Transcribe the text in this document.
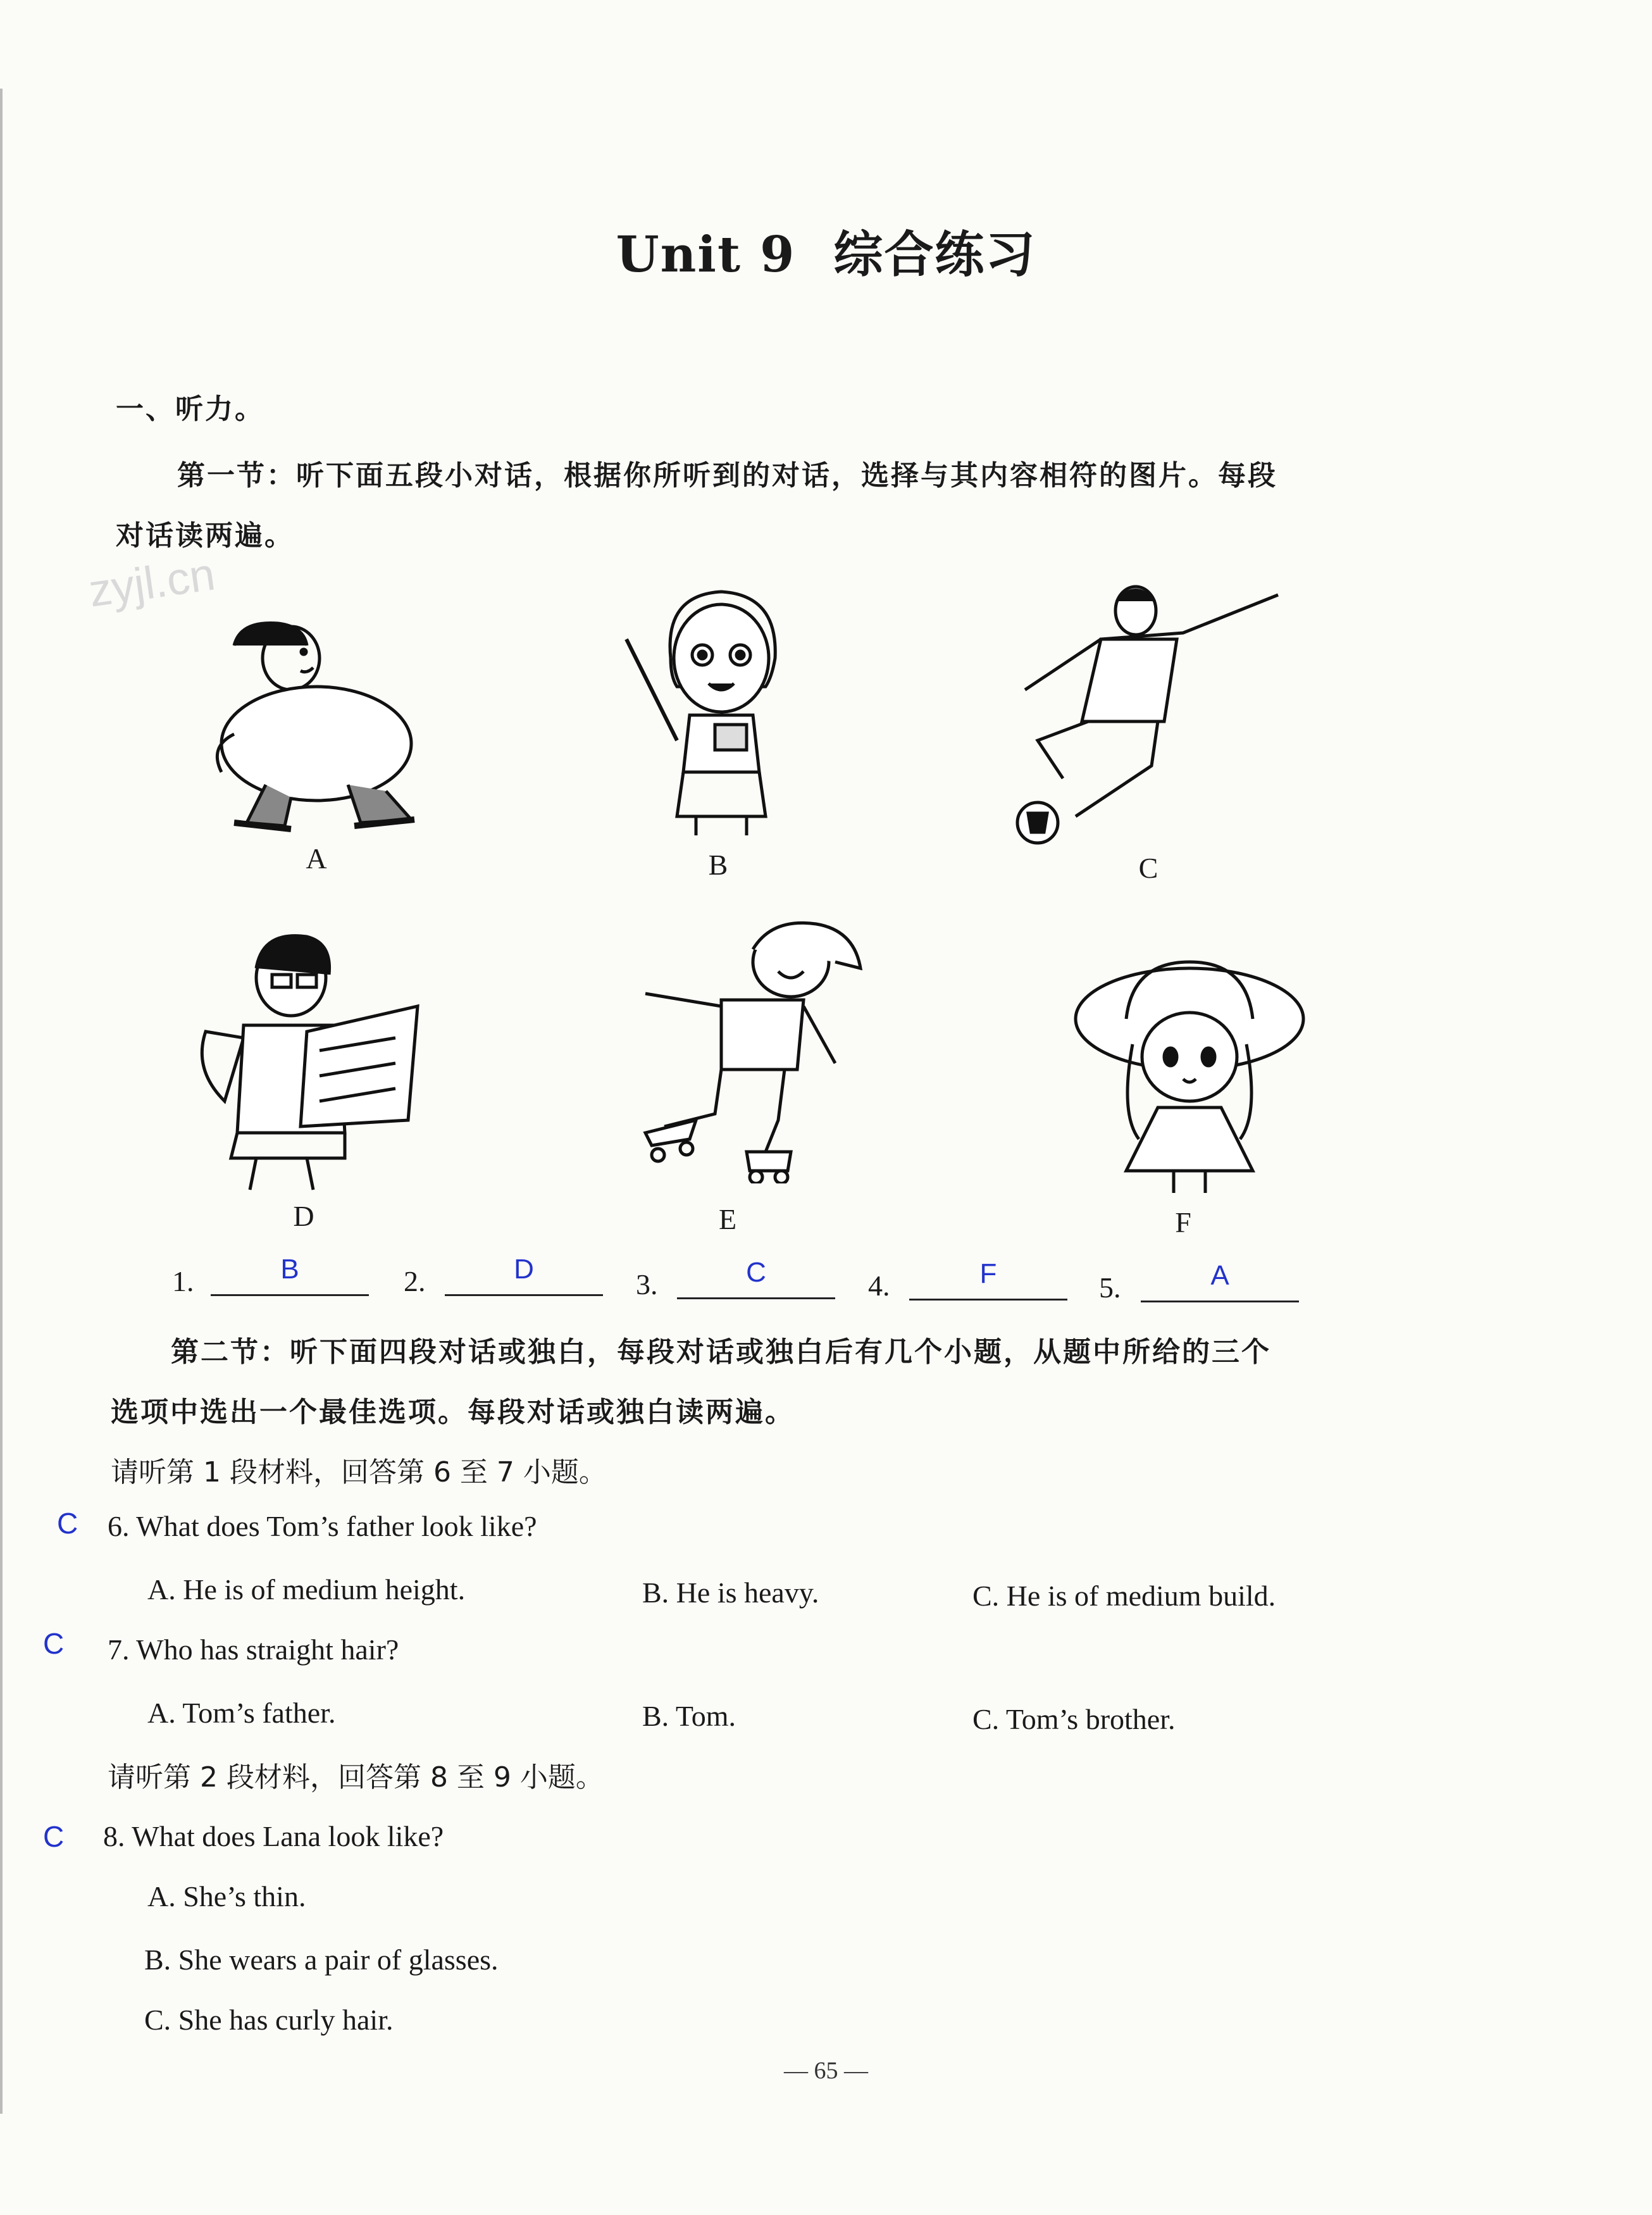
Unit 9 综合练习
一、听力。
第一节：听下面五段小对话，根据你所听到的对话，选择与其内容相符的图片。每段
对话读两遍。
zyjl.cn
A	B	C
D	E	F
1.	B	2.	D	3.	C	4.	F	5.	A
第二节：听下面四段对话或独白，每段对话或独白后有几个小题，从题中所给的三个
选项中选出一个最佳选项。每段对话或独白读两遍。
请听第 1 段材料，回答第 6 至 7 小题。
C 6. What does Tom’s father look like?
A. He is of medium height.	B. He is heavy.	C. He is of medium build.
C 7. Who has straight hair?
A. Tom’s father.	B. Tom.	C. Tom’s brother.
请听第 2 段材料，回答第 8 至 9 小题。
C 8. What does Lana look like?
A. She’s thin.
B. She wears a pair of glasses.
C. She has curly hair.
— 65 —
